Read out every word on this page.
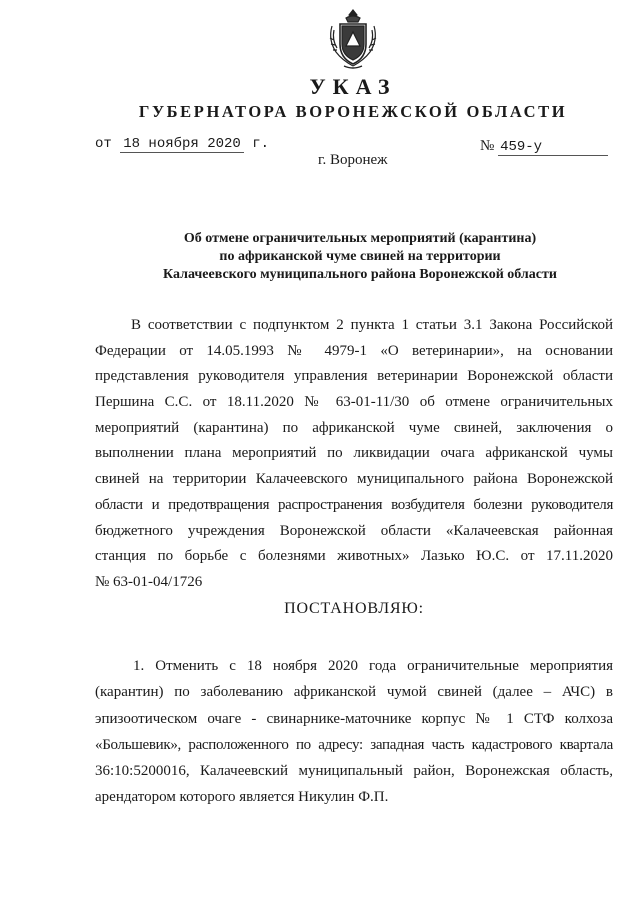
УКАЗ
ГУБЕРНАТОРА ВОРОНЕЖСКОЙ ОБЛАСТИ
от 18 ноября 2020 г.	№ 459-у
г. Воронеж
Об отмене ограничительных мероприятий (карантина)
по африканской чуме свиней на территории
Калачеевского муниципального района Воронежской области
В соответствии с подпунктом 2 пункта 1 статьи 3.1 Закона Российской
Федерации от 14.05.1993 № 4979-1 «О ветеринарии», на основании
представления руководителя управления ветеринарии Воронежской области
Першина С.С. от 18.11.2020 № 63-01-11/30 об отмене ограничительных
мероприятий (карантина) по африканской чуме свиней, заключения о
выполнении плана мероприятий по ликвидации очага африканской чумы
свиней на территории Калачеевского муниципального района Воронежской
области и предотвращения распространения возбудителя болезни руководителя
бюджетного учреждения Воронежской области «Калачеевская районная
станция по борьбе с болезнями животных» Лазько Ю.С. от 17.11.2020
№ 63-01-04/1726
ПОСТАНОВЛЯЮ:
1. Отменить с 18 ноября 2020 года ограничительные мероприятия
(карантин) по заболеванию африканской чумой свиней (далее – АЧС) в
эпизоотическом очаге - свинарнике-маточнике корпус № 1 СТФ колхоза
«Большевик», расположенного по адресу: западная часть кадастрового квартала
36:10:5200016, Калачеевский муниципальный район, Воронежская область,
арендатором которого является Никулин Ф.П.
